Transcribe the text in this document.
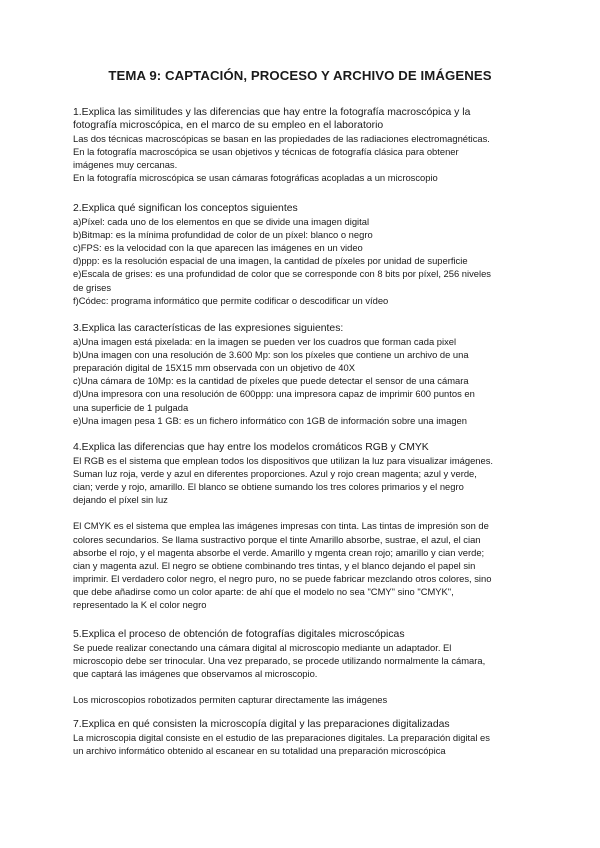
TEMA 9: CAPTACIÓN, PROCESO Y ARCHIVO DE IMÁGENES
1.Explica las similitudes y las diferencias que hay entre la fotografía macroscópica y la
fotografía microscópica, en el marco de su empleo en el laboratorio
Las dos técnicas macroscópicas se basan en las propiedades de las radiaciones electromagnéticas.
En la fotografía macroscópica se usan objetivos y técnicas de fotografía clásica para obtener
imágenes muy cercanas.
En la fotografía microscópica se usan cámaras fotográficas acopladas a un microscopio
2.Explica qué significan los conceptos siguientes
a)Píxel: cada uno de los elementos en que se divide una imagen digital
b)Bitmap: es la mínima profundidad de color de un píxel: blanco o negro
c)FPS: es la velocidad con la que aparecen las imágenes en un video
d)ppp: es la resolución espacial de una imagen, la cantidad de píxeles por unidad de superficie
e)Escala de grises: es una profundidad de color que se corresponde con 8 bits por píxel, 256 niveles
de grises
f)Códec: programa informático que permite codificar o descodificar un vídeo
3.Explica las características de las expresiones siguientes:
a)Una imagen está pixelada: en la imagen se pueden ver los cuadros que forman cada pixel
b)Una imagen con una resolución de 3.600 Mp: son los píxeles que contiene un archivo de una
preparación digital de 15X15 mm observada con un objetivo de 40X
c)Una cámara de 10Mp: es la cantidad de píxeles que puede detectar el sensor de una cámara
d)Una impresora con una resolución de 600ppp: una impresora capaz de imprimir 600 puntos en
una superficie de 1 pulgada
e)Una imagen pesa 1 GB: es un fichero informático con 1GB de información sobre una imagen
4.Explica las diferencias que hay entre los modelos cromáticos RGB y CMYK
El RGB es el sistema que emplean todos los dispositivos que utilizan la luz para visualizar imágenes.
Suman luz roja, verde y azul en diferentes proporciones. Azul y rojo crean magenta; azul y verde,
cian; verde y rojo, amarillo. El blanco se obtiene sumando los tres colores primarios y el negro
dejando el píxel sin luz
El CMYK es el sistema que emplea las imágenes impresas con tinta. Las tintas de impresión son de
colores secundarios. Se llama sustractivo porque el tinte Amarillo absorbe, sustrae, el azul, el cian
absorbe el rojo, y el magenta absorbe el verde. Amarillo y mgenta crean rojo; amarillo y cian verde;
cian y magenta azul. El negro se obtiene combinando tres tintas, y el blanco dejando el papel sin
imprimir. El verdadero color negro, el negro puro, no se puede fabricar mezclando otros colores, sino
que debe añadirse como un color aparte: de ahí que el modelo no sea "CMY" sino "CMYK",
representado la K el color negro
5.Explica el proceso de obtención de fotografías digitales microscópicas
Se puede realizar conectando una cámara digital al microscopio mediante un adaptador. El
microscopio debe ser trinocular. Una vez preparado, se procede utilizando normalmente la cámara,
que captará las imágenes que observamos al microscopio.
Los microscopios robotizados permiten capturar directamente las imágenes
7.Explica en qué consisten la microscopía digital y las preparaciones digitalizadas
La microscopia digital consiste en el estudio de las preparaciones digitales. La preparación digital es
un archivo informático obtenido al escanear en su totalidad una preparación microscópica
